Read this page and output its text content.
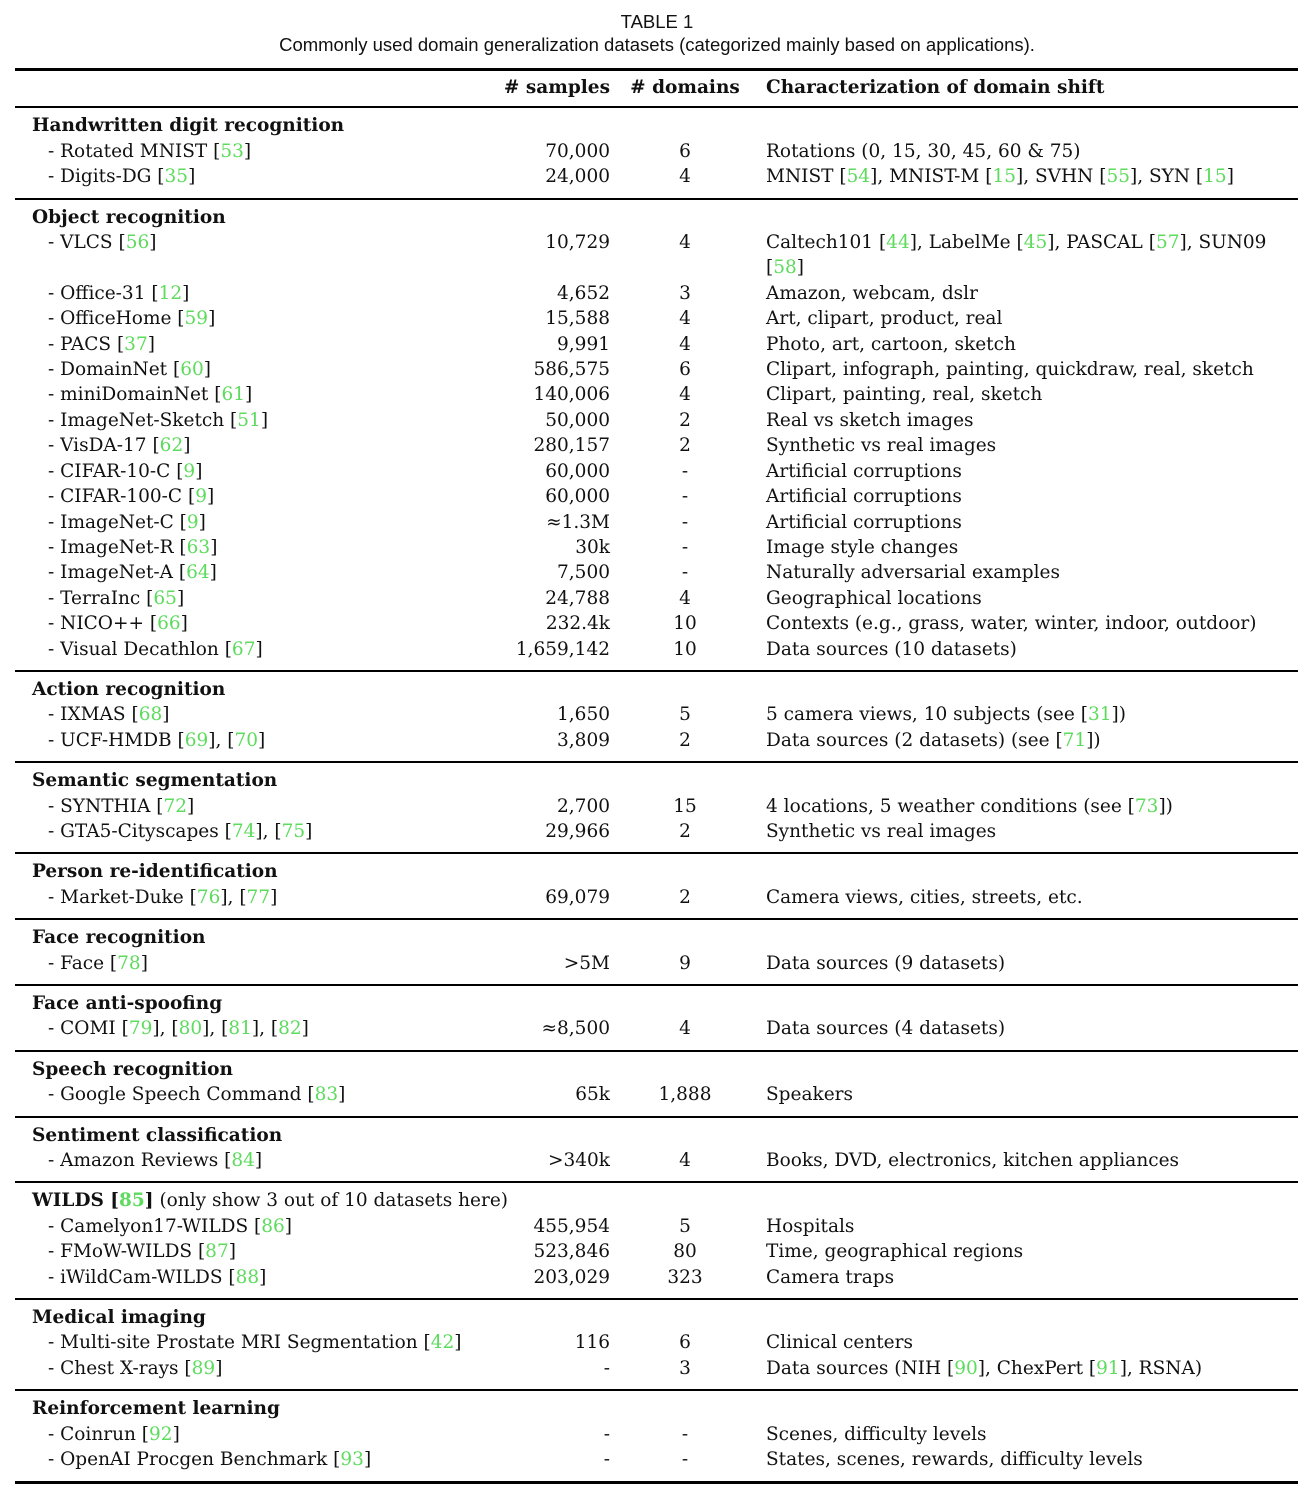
TABLE 1
Commonly used domain generalization datasets (categorized mainly based on applications).
# samples	# domains	Characterization of domain shift
Handwritten digit recognition
- Rotated MNIST [53]	70,000	6	Rotations (0, 15, 30, 45, 60 & 75)
- Digits-DG [35]	24,000	4	MNIST [54], MNIST-M [15], SVHN [55], SYN [15]
Object recognition
- VLCS [56]	10,729	4	Caltech101 [44], LabelMe [45], PASCAL [57], SUN09 [58]
- Office-31 [12]	4,652	3	Amazon, webcam, dslr
- OfficeHome [59]	15,588	4	Art, clipart, product, real
- PACS [37]	9,991	4	Photo, art, cartoon, sketch
- DomainNet [60]	586,575	6	Clipart, infograph, painting, quickdraw, real, sketch
- miniDomainNet [61]	140,006	4	Clipart, painting, real, sketch
- ImageNet-Sketch [51]	50,000	2	Real vs sketch images
- VisDA-17 [62]	280,157	2	Synthetic vs real images
- CIFAR-10-C [9]	60,000	-	Artificial corruptions
- CIFAR-100-C [9]	60,000	-	Artificial corruptions
- ImageNet-C [9]	≈1.3M	-	Artificial corruptions
- ImageNet-R [63]	30k	-	Image style changes
- ImageNet-A [64]	7,500	-	Naturally adversarial examples
- TerraInc [65]	24,788	4	Geographical locations
- NICO++ [66]	232.4k	10	Contexts (e.g., grass, water, winter, indoor, outdoor)
- Visual Decathlon [67]	1,659,142	10	Data sources (10 datasets)
Action recognition
- IXMAS [68]	1,650	5	5 camera views, 10 subjects (see [31])
- UCF-HMDB [69], [70]	3,809	2	Data sources (2 datasets) (see [71])
Semantic segmentation
- SYNTHIA [72]	2,700	15	4 locations, 5 weather conditions (see [73])
- GTA5-Cityscapes [74], [75]	29,966	2	Synthetic vs real images
Person re-identification
- Market-Duke [76], [77]	69,079	2	Camera views, cities, streets, etc.
Face recognition
- Face [78]	>5M	9	Data sources (9 datasets)
Face anti-spoofing
- COMI [79], [80], [81], [82]	≈8,500	4	Data sources (4 datasets)
Speech recognition
- Google Speech Command [83]	65k	1,888	Speakers
Sentiment classification
- Amazon Reviews [84]	>340k	4	Books, DVD, electronics, kitchen appliances
WILDS [85] (only show 3 out of 10 datasets here)
- Camelyon17-WILDS [86]	455,954	5	Hospitals
- FMoW-WILDS [87]	523,846	80	Time, geographical regions
- iWildCam-WILDS [88]	203,029	323	Camera traps
Medical imaging
- Multi-site Prostate MRI Segmentation [42]	116	6	Clinical centers
- Chest X-rays [89]	-	3	Data sources (NIH [90], ChexPert [91], RSNA)
Reinforcement learning
- Coinrun [92]	-	-	Scenes, difficulty levels
- OpenAI Procgen Benchmark [93]	-	-	States, scenes, rewards, difficulty levels
